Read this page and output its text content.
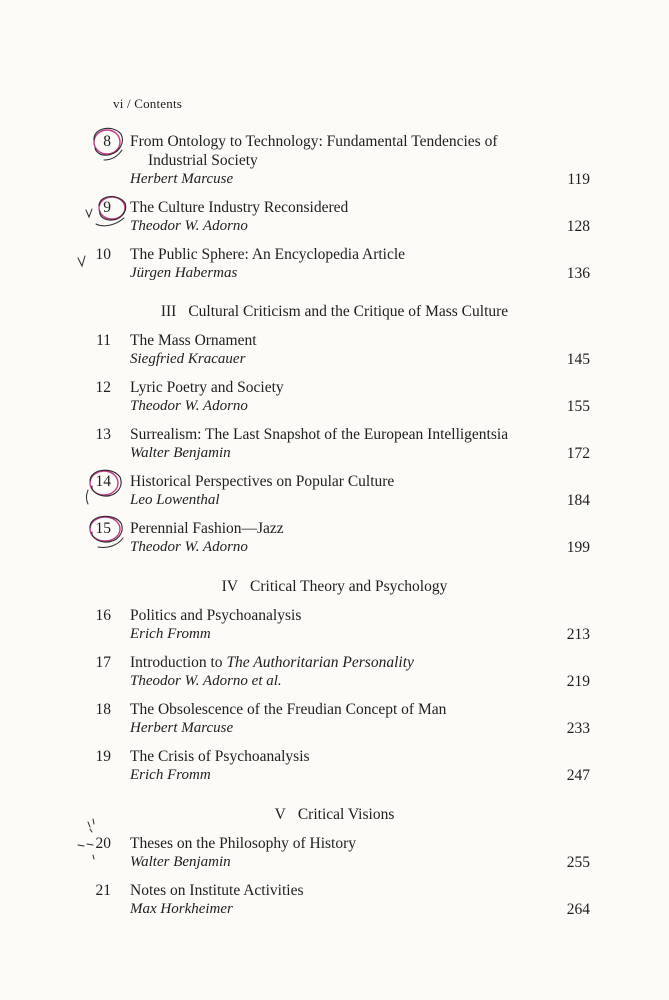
vi / Contents
8 From Ontology to Technology: Fundamental Tendencies of
Industrial Society
Herbert Marcuse	119
9 The Culture Industry Reconsidered
Theodor W. Adorno	128
10 The Public Sphere: An Encyclopedia Article
Jürgen Habermas	136
III Cultural Criticism and the Critique of Mass Culture
11 The Mass Ornament
Siegfried Kracauer	145
12 Lyric Poetry and Society
Theodor W. Adorno	155
13 Surrealism: The Last Snapshot of the European Intelligentsia
Walter Benjamin	172
14 Historical Perspectives on Popular Culture
Leo Lowenthal	184
15 Perennial Fashion—Jazz
Theodor W. Adorno	199
IV Critical Theory and Psychology
16 Politics and Psychoanalysis
Erich Fromm	213
17 Introduction to The Authoritarian Personality
Theodor W. Adorno et al.	219
18 The Obsolescence of the Freudian Concept of Man
Herbert Marcuse	233
19 The Crisis of Psychoanalysis
Erich Fromm	247
V Critical Visions
20 Theses on the Philosophy of History
Walter Benjamin	255
21 Notes on Institute Activities
Max Horkheimer	264
